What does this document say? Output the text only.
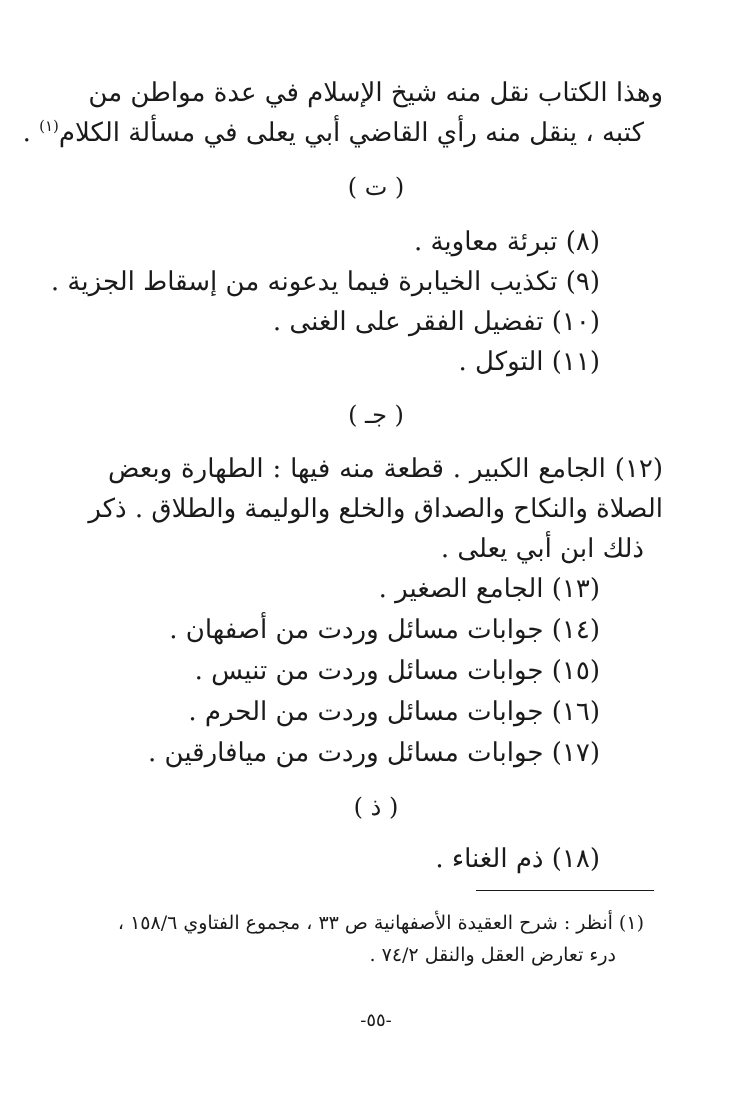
وهذا الكتاب نقل منه شيخ الإسلام في عدة مواطن من
كتبه ، ينقل منه رأي القاضي أبي يعلى في مسألة الكلام$^{(١)}$ .
( ت )
(٨) تبرئة معاوية .
(٩) تكذيب الخيابرة فيما يدعونه من إسقاط الجزية .
(١٠) تفضيل الفقر على الغنى .
(١١) التوكل .
( جـ )
(١٢) الجامع الكبير . قطعة منه فيها : الطهارة وبعض
الصلاة والنكاح والصداق والخلع والوليمة والطلاق . ذكر
ذلك ابن أبي يعلى .
(١٣) الجامع الصغير .
(١٤) جوابات مسائل وردت من أصفهان .
(١٥) جوابات مسائل وردت من تنيس .
(١٦) جوابات مسائل وردت من الحرم .
(١٧) جوابات مسائل وردت من ميافارقين .
( ذ )
(١٨) ذم الغناء .
(١) أنظر : شرح العقيدة الأصفهانية ص ٣٣ ، مجموع الفتاوي ١٥٨/٦ ،
درء تعارض العقل والنقل ٧٤/٢ .
-٥٥-
